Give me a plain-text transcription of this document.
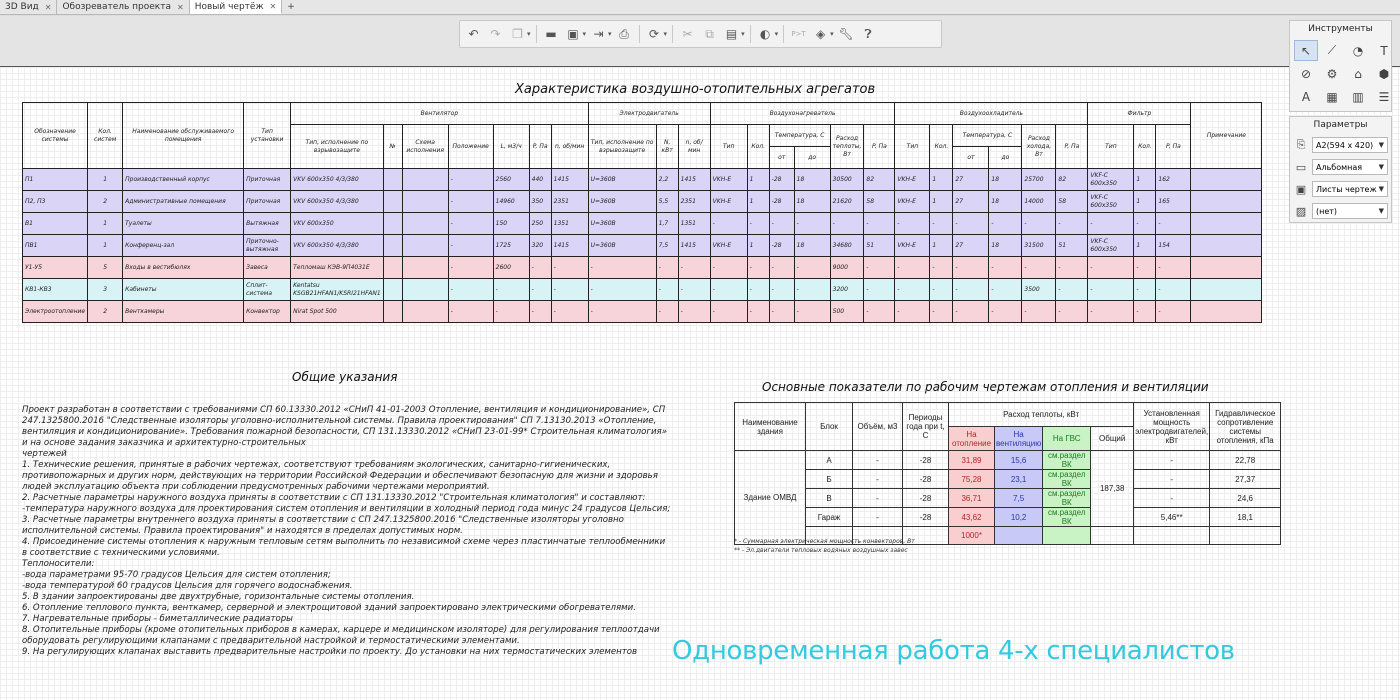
3D Вид ✕ Обозреватель проекта ✕ Новый чертёж ✕	+
↶ ↷ ❐ ▾	▬ ▣ ▾ ⇥ ▾ ⎙	⟳ ▾	✂	⧉	▤ ▾	◐ ▾ P>T ◈ ▾ 🔧︎ ❓︎	Инструменты
↖	⟋	◔	T
⊘	⚙	⌂	⬢
A	▦	▥	☰
Параметры
⎘	A2(594 x 420) ▼
▭	Альбомная ▼
▣	Листы чертеж ▼
▨	(нет)	▼
Характеристика воздушно-отопительных агрегатов
Обозначение системы	Кол. систем	Наименование обслуживаемого помещения	Тип установки	Вентилятор							Электродвигатель			Воздухонагреватель						Воздухоохладитель						Фильтр			Примечание
				Тип, исполнение по взрывозащите	№	Схема исполнения	Положение	L, м3/ч	P, Па	n, об/мин	Тип, исполнение по взрывозащите	N, кВт	n, об/мин	Тип	Кол.	Температура, С		Расход теплоты, Вт	P, Па	Тип	Кол.	Температура, С		Расход холода, Вт	P, Па	Тип	Кол.	P, Па	
																от	до					от	до						
П1	1	Производственный корпус	Приточная	VKV 600x350 4/3/380			-	2560	440	1415	U=360B	2,2	1415	VKH-E	1	-28	18	30500	82	VKH-E	1	27	18	25700	82	VKF-C 600x350	1	162	
П2, П3	2	Административные помещения	Приточная	VKV 600x350 4/3/380			-	14960	350	2351	U=360B	5,5	2351	VKH-E	1	-28	18	21620	58	VKH-E	1	27	18	14000	58	VKF-C 600x350	1	165	
В1	1	Туалеты	Вытяжная	VKV 600x350			-	150	250	1351	U=360B	1,7	1351	-	-	-	-	-	-	-	-	-	-	-	-	-	-	-	
ПВ1	1	Конференц-зал	Приточно-вытяжная	VKV 600x350 4/3/380			-	1725	320	1415	U=360B	7,5	1415	VKH-E	1	-28	18	34680	51	VKH-E	1	27	18	31500	51	VKF-C 600x350	1	154	
У1-У5	5	Входы в вестибюлях	Завеса	Тепломаш КЭВ-9П4031Е			-	2600	-	-	-	-	-	-	-	-	-	9000	-	-	-	-	-	-	-	-	-	-	
КВ1-КВ3	3	Кабинеты	Сплит-система	Kentatsu KSGB21HFAN1/KSRI21HFAN1			-	-	-	-	-	-	-	-	-	-	-	3200	-	-	-	-	-	3500	-	-	-	-	
Электроотопление	2	Венткамеры	Конвектор	Nirat Spot 500			-	-	-	-	-	-	-	-	-	-	-	500	-	-	-	-	-	-	-	-	-	-	
Общие указания
Проект разработан в соответствии с требованиями СП 60.13330.2012 «СНиП 41-01-2003 Отопление, вентиляция и кондиционирование», СП 247.1325800.2016 "Следственные изоляторы уголовно-исполнительной системы. Правила проектирования" СП 7.13130.2013 «Отопление, вентиляция и кондиционирование». Требования пожарной безопасности, СП 131.13330.2012 «СНиП 23-01-99* Строительная климатология» и на основе задания заказчика и архитектурно-строительных
чертежей
1. Технические решения, принятые в рабочих чертежах, соответствуют требованиям экологических, санитарно-гигиенических, противопожарных и других норм, действующих на территории Российской Федерации и обеспечивают безопасную для жизни и здоровья людей эксплуатацию объекта при соблюдении предусмотренных рабочими чертежами мероприятий.
2. Расчетные параметры наружного воздуха приняты в соответствии с СП 131.13330.2012 "Строительная климатология" и составляют:
-температура наружного воздуха для проектирования систем отопления и вентиляции в холодный период года минус 24 градусов Цельсия;
3. Расчетные параметры внутреннего воздуха приняты в соответствии с СП 247.1325800.2016 "Следственные изоляторы уголовно исполнительной системы. Правила проектирования" и находятся в пределах допустимых норм.
4. Присоединение системы отопления к наружным тепловым сетям выполнить по независимой схеме через пластинчатые теплообменники в соответствие с техническими условиями.
Теплоносители:
-вода параметрами 95-70 градусов Цельсия для систем отопления;
-вода температурой 60 градусов Цельсия для горячего водоснабжения.
5. В здании запроектированы две двухтрубные, горизонтальные системы отопления.
6. Отопление теплового пункта, венткамер, серверной и электрощитовой зданий запроектировано электрическими обогревателями.
7. Нагревательные приборы - биметаллические радиаторы
8. Отопительные приборы (кроме отопительных приборов в камерах, карцере и медицинском изоляторе) для регулирования теплоотдачи оборудовать регулирующими клапанами с предварительной настройкой и термостатическими элементами.
9. На регулирующих клапанах выставить предварительные настройки по проекту. До установки на них термостатических элементов
Основные показатели по рабочим чертежам отопления и вентиляции
Наименование здания	Блок	Объём, м3	Периоды года при t, С	Расход теплоты, кВт				Установленная мощность электродвигателей, кВт	Гидравлическое сопротивление системы отопления, кПа
				На отопление	На вентиляцию	На ГВС	Общий		
Здание ОМВД	А	-	-28	31,89	15,6	см.раздел ВК	187,38	-	22,78
	Б	-	-28	75,28	23,1	см.раздел ВК		-	27,37
	В	-	-28	36,71	7,5	см.раздел ВК		-	24,6
	Гараж	-	-28	43,62	10,2	см.раздел ВК		5,46**	18,1
				1000*					
* - Суммарная электрическая мощность конвекторов, Вт
** - Эл.двигатели тепловых водяных воздушных завес
Одновременная работа 4-х специалистов
